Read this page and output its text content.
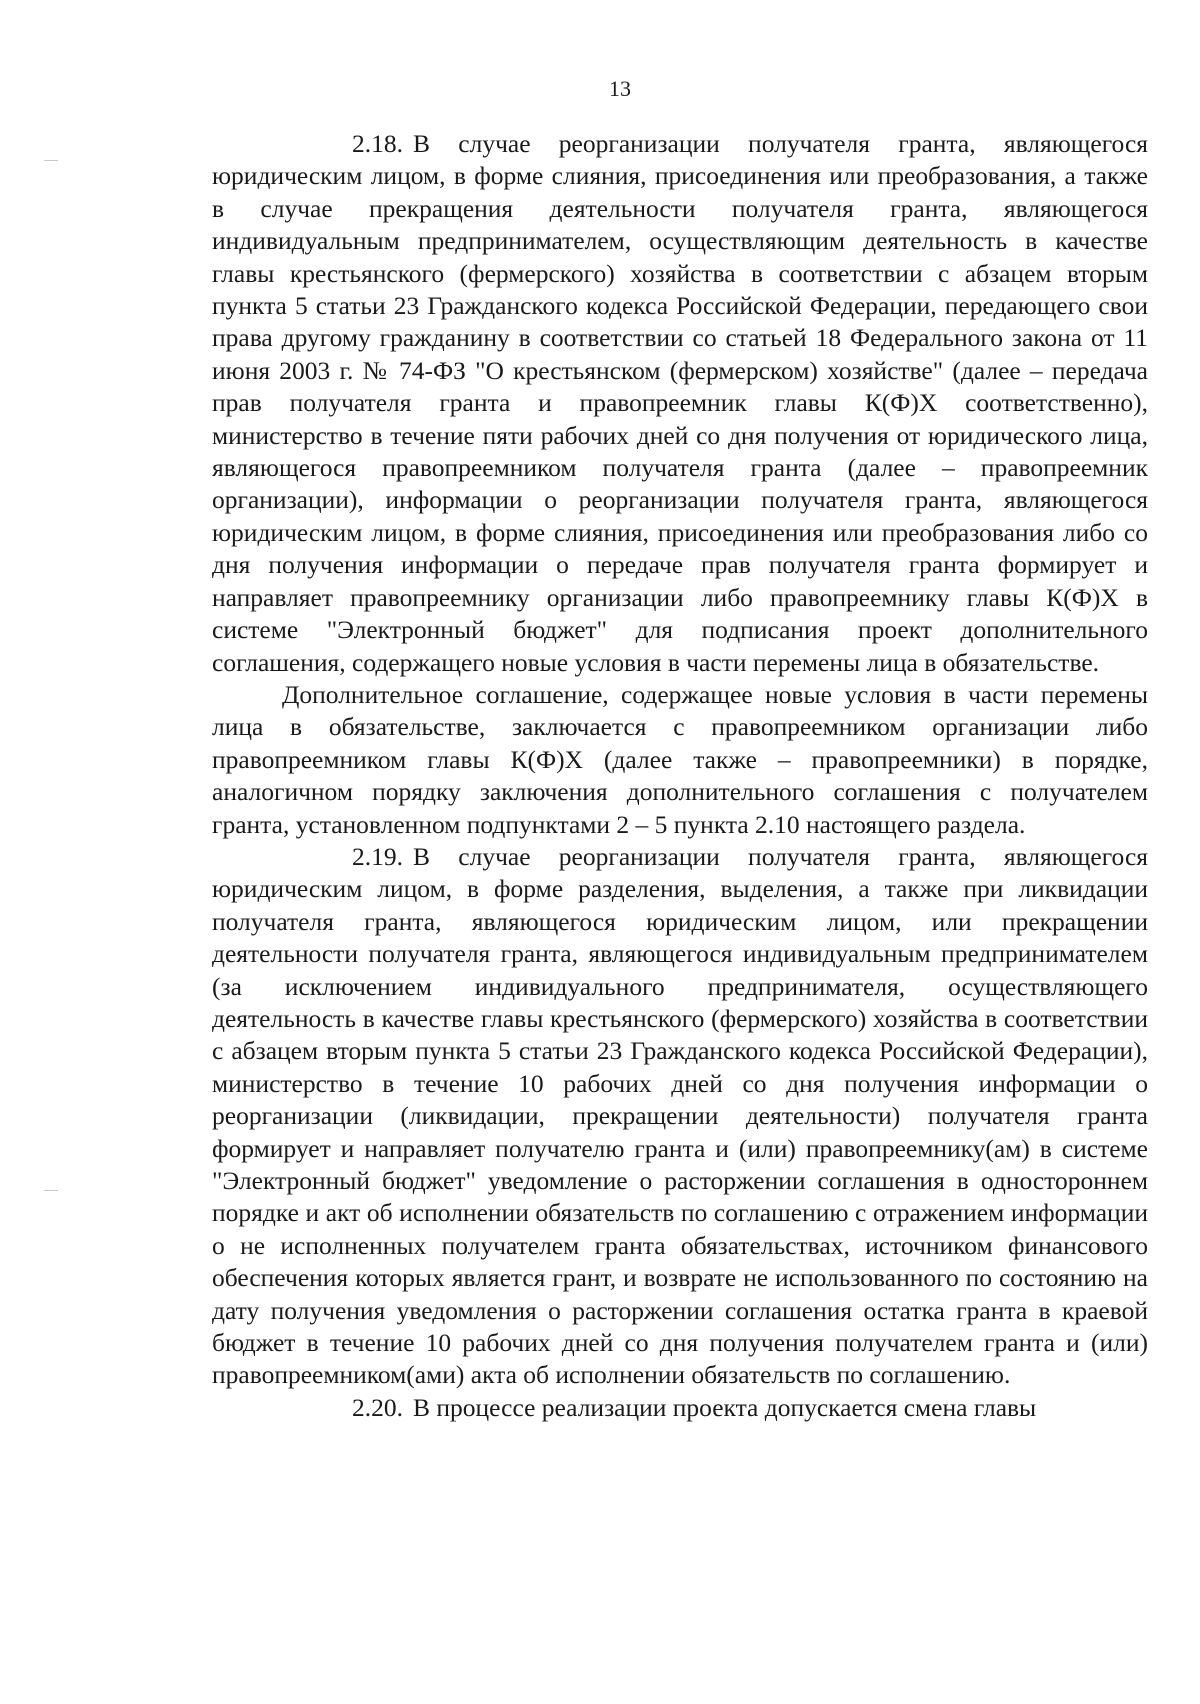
13

2.18. В случае реорганизации получателя гранта, являющегося юридическим лицом, в форме слияния, присоединения или преобразования, а также в случае прекращения деятельности получателя гранта, являющегося индивидуальным предпринимателем, осуществляющим деятельность в качестве главы крестьянского (фермерского) хозяйства в соответствии с абзацем вторым пункта 5 статьи 23 Гражданского кодекса Российской Федерации, передающего свои права другому гражданину в соответствии со статьей 18 Федерального закона от 11 июня 2003 г. № 74-ФЗ "О крестьянском (фермерском) хозяйстве" (далее – передача прав получателя гранта и правопреемник главы К(Ф)Х соответственно), министерство в течение пяти рабочих дней со дня получения от юридического лица, являющегося правопреемником получателя гранта (далее – правопреемник организации), информации о реорганизации получателя гранта, являющегося юридическим лицом, в форме слияния, присоединения или преобразования либо со дня получения информации о передаче прав получателя гранта формирует и направляет правопреемнику организации либо правопреемнику главы К(Ф)Х в системе "Электронный бюджет" для подписания проект дополнительного соглашения, содержащего новые условия в части перемены лица в обязательстве.

Дополнительное соглашение, содержащее новые условия в части перемены лица в обязательстве, заключается с правопреемником организации либо правопреемником главы К(Ф)Х (далее также – правопреемники) в порядке, аналогичном порядку заключения дополнительного соглашения с получателем гранта, установленном подпунктами 2 – 5 пункта 2.10 настоящего раздела.

2.19. В случае реорганизации получателя гранта, являющегося юридическим лицом, в форме разделения, выделения, а также при ликвидации получателя гранта, являющегося юридическим лицом, или прекращении деятельности получателя гранта, являющегося индивидуальным предпринимателем (за исключением индивидуального предпринимателя, осуществляющего деятельность в качестве главы крестьянского (фермерского) хозяйства в соответствии с абзацем вторым пункта 5 статьи 23 Гражданского кодекса Российской Федерации), министерство в течение 10 рабочих дней со дня получения информации о реорганизации (ликвидации, прекращении деятельности) получателя гранта формирует и направляет получателю гранта и (или) правопреемнику(ам) в системе "Электронный бюджет" уведомление о расторжении соглашения в одностороннем порядке и акт об исполнении обязательств по соглашению с отражением информации о не исполненных получателем гранта обязательствах, источником финансового обеспечения которых является грант, и возврате не использованного по состоянию на дату получения уведомления о расторжении соглашения остатка гранта в краевой бюджет в течение 10 рабочих дней со дня получения получателем гранта и (или) правопреемником(ами) акта об исполнении обязательств по соглашению.

2.20. В процессе реализации проекта допускается смена главы
